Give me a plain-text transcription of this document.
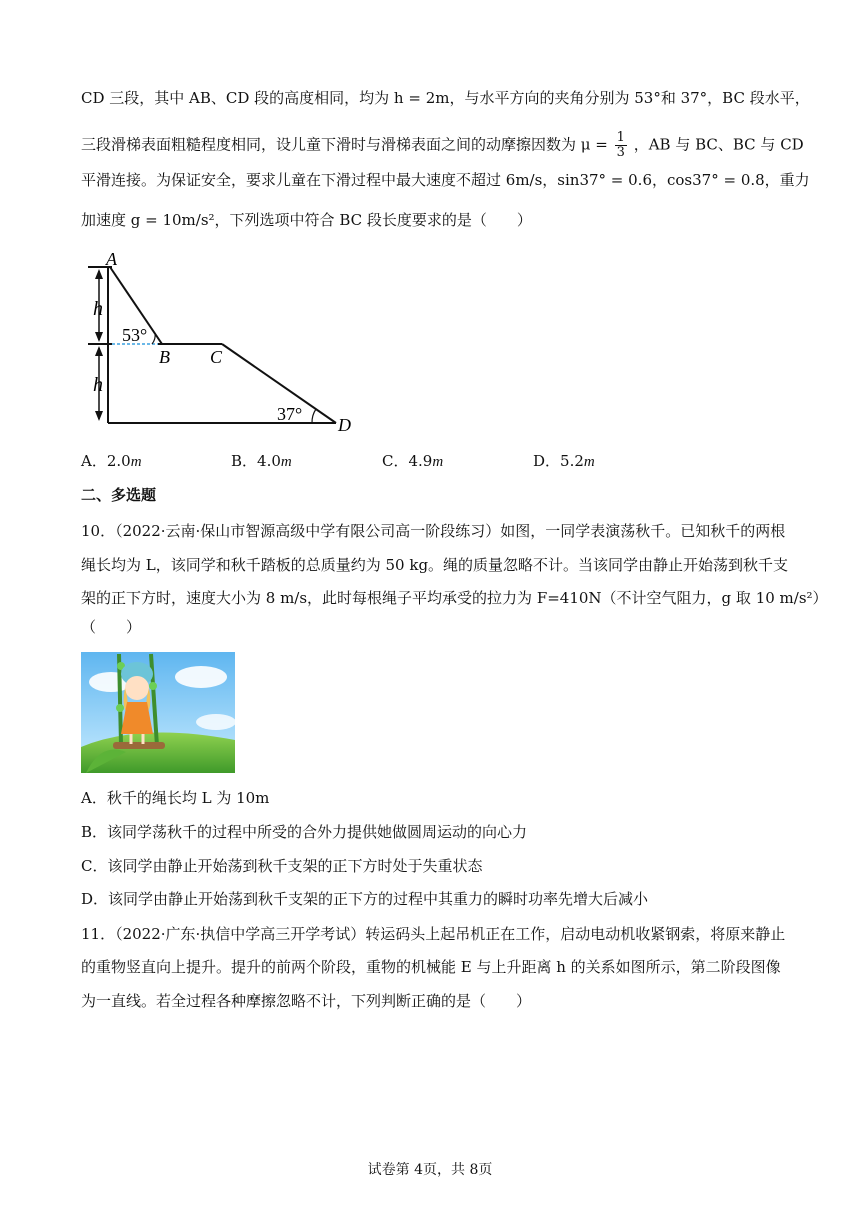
CD 三段，其中 AB、CD 段的高度相同，均为 h = 2m，与水平方向的夹角分别为 53°和 37°，BC 段水平，
三段滑梯表面粗糙程度相同，设儿童下滑时与滑梯表面之间的动摩擦因数为 $\mu = \frac{1}{3}$ ，AB 与 BC、BC 与 CD
平滑连接。为保证安全，要求儿童在下滑过程中最大速度不超过 6m/s，sin37° = 0.6，cos37° = 0.8，重力
加速度 g = 10m/s²，下列选项中符合 BC 段长度要求的是（　　）
A
h
h
53°
B C
37°
D
A．2.0m	B．4.0m	C．4.9m	D．5.2m
二、多选题
10．（2022·云南·保山市智源高级中学有限公司高一阶段练习）如图，一同学表演荡秋千。已知秋千的两根
绳长均为 L，该同学和秋千踏板的总质量约为 50 kg。绳的质量忽略不计。当该同学由静止开始荡到秋千支
架的正下方时，速度大小为 8 m/s，此时每根绳子平均承受的拉力为 F=410N（不计空气阻力，g 取 10 m/s²）
（　　）
A．秋千的绳长均 L 为 10m
B．该同学荡秋千的过程中所受的合外力提供她做圆周运动的向心力
C．该同学由静止开始荡到秋千支架的正下方时处于失重状态
D．该同学由静止开始荡到秋千支架的正下方的过程中其重力的瞬时功率先增大后减小
11．（2022·广东·执信中学高三开学考试）转运码头上起吊机正在工作，启动电动机收紧钢索，将原来静止
的重物竖直向上提升。提升的前两个阶段，重物的机械能 E 与上升距离 h 的关系如图所示，第二阶段图像
为一直线。若全过程各种摩擦忽略不计，下列判断正确的是（　　）
试卷第 4页，共 8页
